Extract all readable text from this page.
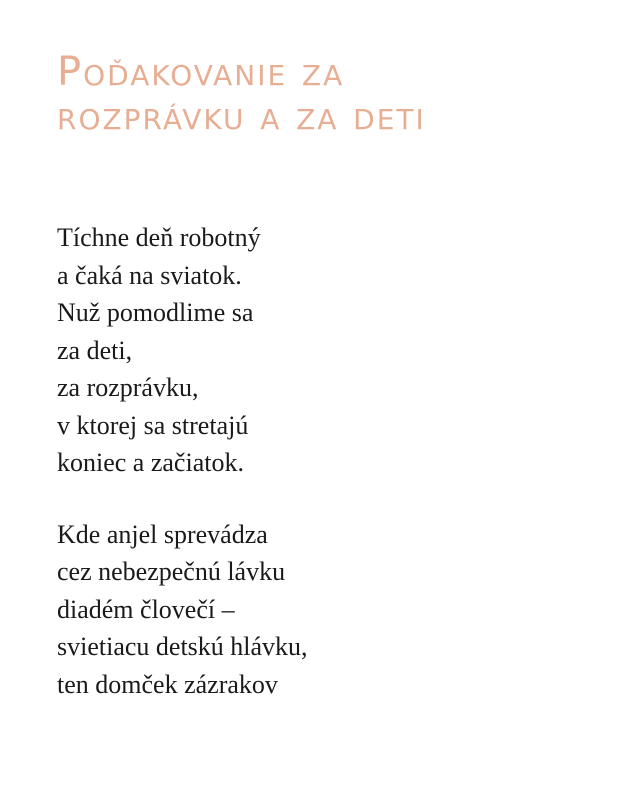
Poďakovanie za
rozprávku a za deti

Tíchne deň robotný
a čaká na sviatok.
Nuž pomodlime sa
za deti,
za rozprávku,
v ktorej sa stretajú
koniec a začiatok.

Kde anjel sprevádza
cez nebezpečnú lávku
diadém človečí –
svietiacu detskú hlávku,
ten domček zázrakov
